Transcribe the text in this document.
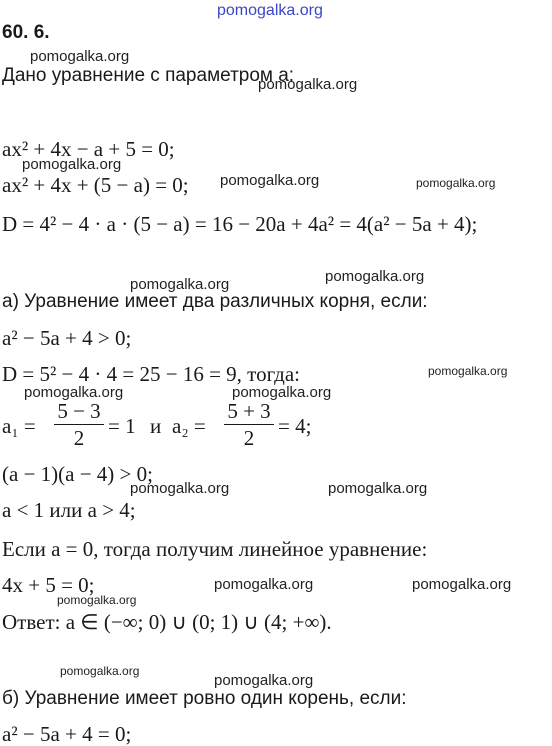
pomogalka.org
pomogalka.org
pomogalka.org
pomogalka.org
pomogalka.org	pomogalka.org
pomogalka.org	pomogalka.org
pomogalka.org
pomogalka.org	pomogalka.org
pomogalka.org	pomogalka.org
pomogalka.org	pomogalka.org
pomogalka.org
pomogalka.org
pomogalka.org
60. 6.
Дано уравнение с параметром a:
ax² + 4x − a + 5 = 0;
ax² + 4x + (5 − a) = 0;
D = 4² − 4 · a · (5 − a) = 16 − 20a + 4a² = 4(a² − 5a + 4);
а) Уравнение имеет два различных корня, если:
a² − 5a + 4 > 0;
D = 5² − 4 · 4 = 25 − 16 = 9, тогда:
a₁ =
5 − 3
2	= 1 и a₂ =
5 + 3
2	= 4;
(a − 1)(a − 4) > 0;
a < 1 или a > 4;
Если a = 0, тогда получим линейное уравнение:
4x + 5 = 0;
Ответ: a ∈ (−∞; 0) ∪ (0; 1) ∪ (4; +∞).
б) Уравнение имеет ровно один корень, если:
a² − 5a + 4 = 0;
